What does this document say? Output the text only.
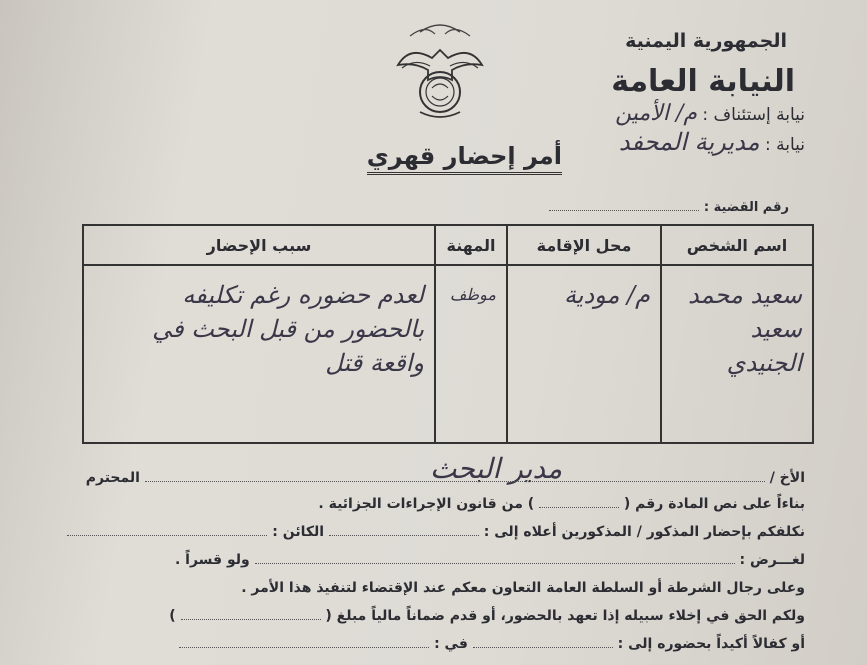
الجمهورية اليمنية
النيابة العامة
نيابة إستئناف : م/ الأمين
نيابة : مديرية المحفد
أمر إحضار قهري
رقم القضية :
اسم الشخص	محل الإقامة	المهنة	سبب الإحضار
سعيد محمد سعيد الجنيدي	م/ مودية	موظف	لعدم حضوره رغم تكليفه بالحضور من قبل البحث في واقعة قتل
مدير البحث	الأخ /  المحترم
بناءاً على نص المادة رقم (  ) من قانون الإجراءات الجزائية .
نكلفكم بإحضار المذكور / المذكورين أعلاه إلى :  الكائن :
لغـــرض :  ولو قسراً .
وعلى رجال الشرطة أو السلطة العامة التعاون معكم عند الإقتضاء لتنفيذ هذا الأمر .
ولكم الحق في إخلاء سبيله إذا تعهد بالحضور، أو قدم ضماناً مالياً مبلغ (  )
أو كفالاً أكيداً بحضوره إلى :  في :
